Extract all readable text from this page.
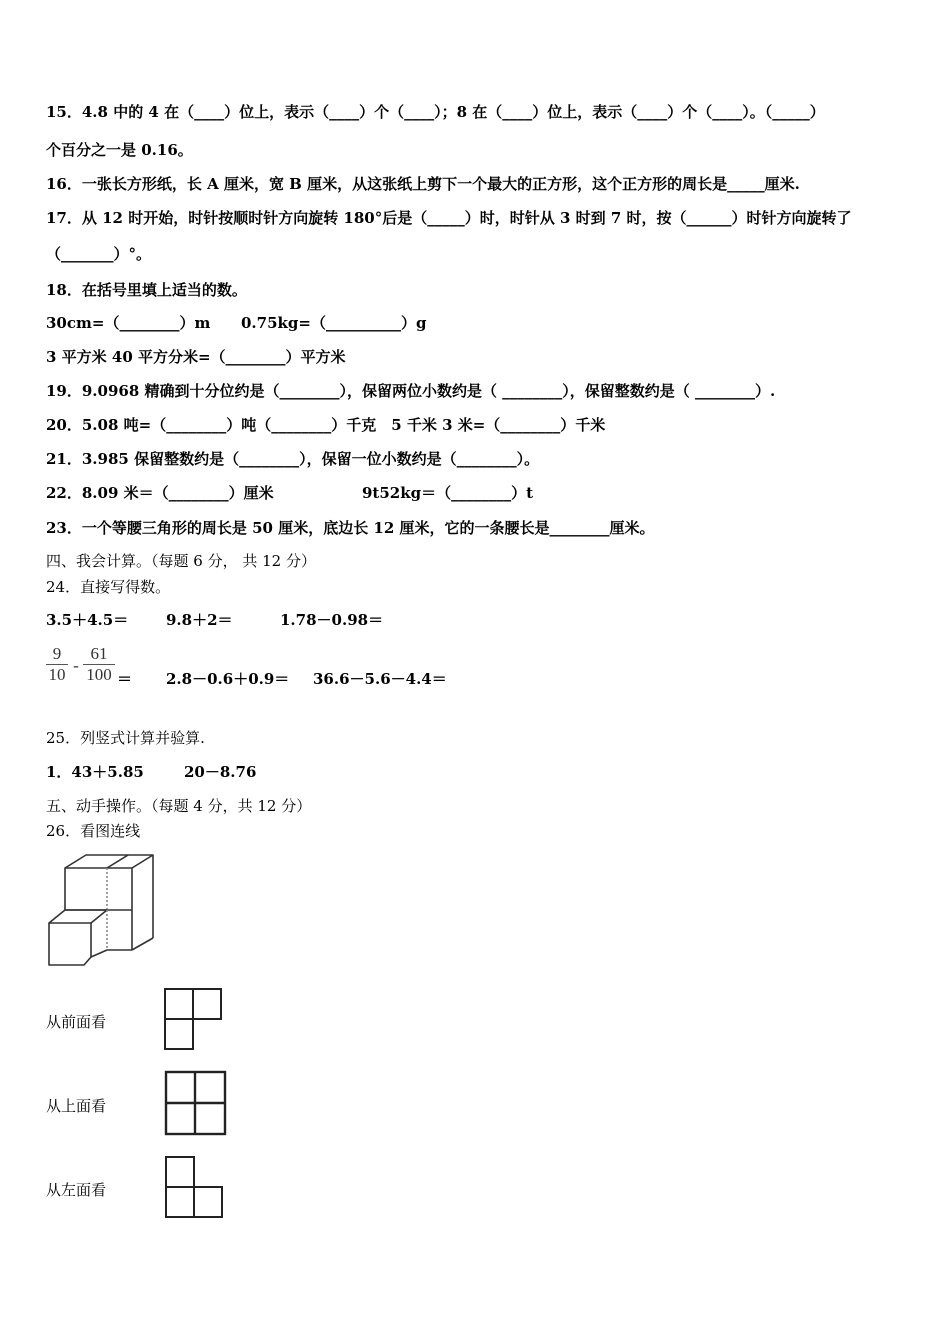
15．4.8 中的 4 在（____）位上，表示（____）个（____）；8 在（____）位上，表示（____）个（____）。（_____）
个百分之一是 0.16。
16．一张长方形纸，长 A 厘米，宽 B 厘米，从这张纸上剪下一个最大的正方形，这个正方形的周长是_____厘米.
17．从 12 时开始，时针按顺时针方向旋转 180°后是（_____）时，时针从 3 时到 7 时，按（______）时针方向旋转了
（_______）°。
18．在括号里填上适当的数。
30cm=（________）m 0.75kg=（__________）g
3 平方米 40 平方分米=（________）平方米
19．9.0968 精确到十分位约是（________），保留两位小数约是（ ________），保留整数约是（ ________）.
20．5.08 吨=（________）吨（________）千克　5 千米 3 米=（________）千米
21．3.985 保留整数约是（________），保留一位小数约是（________）。
22．8.09 米＝（________）厘米	9t52kg＝（________）t
23．一个等腰三角形的周长是 50 厘米，底边长 12 厘米，它的一条腰长是________厘米。
四、我会计算。（每题 6 分， 共 12 分）
24．直接写得数。
3.5＋4.5＝	9.8＋2＝	1.78－0.98＝
$\frac{9}{10} - \frac{61}{100} = 2.8-0.6+0.9= 36.6-5.6-4.4=$
25．列竖式计算并验算.
1．43＋5.85	20－8.76
五、动手操作。（每题 4 分，共 12 分）
26．看图连线
从前面看
从上面看
从左面看
